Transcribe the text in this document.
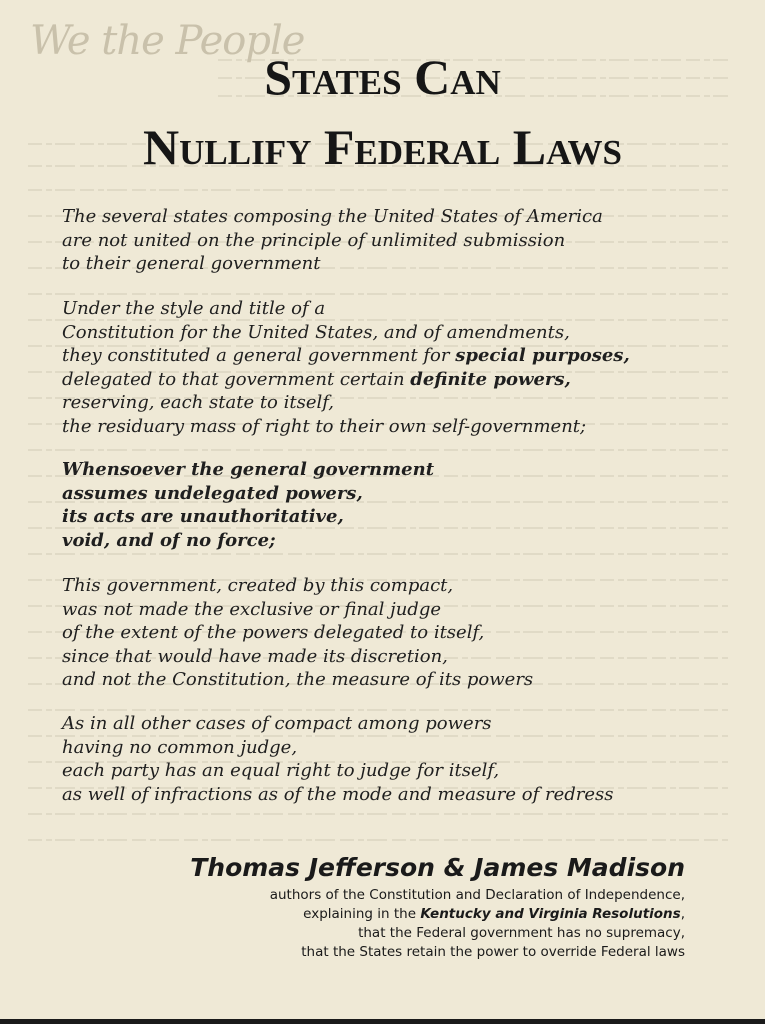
We the People
States Can
Nullify Federal Laws
The several states composing the United States of America
are not united on the principle of unlimited submission
to their general government
Under the style and title of a
Constitution for the United States, and of amendments,
they constituted a general government for special purposes,
delegated to that government certain definite powers,
reserving, each state to itself,
the residuary mass of right to their own self-government;
Whensoever the general government
assumes undelegated powers,
its acts are unauthoritative,
void, and of no force;
This government, created by this compact,
was not made the exclusive or final judge
of the extent of the powers delegated to itself,
since that would have made its discretion,
and not the Constitution, the measure of its powers
As in all other cases of compact among powers
having no common judge,
each party has an equal right to judge for itself,
as well of infractions as of the mode and measure of redress
Thomas Jefferson & James Madison
authors of the Constitution and Declaration of Independence,
explaining in the Kentucky and Virginia Resolutions,
that the Federal government has no supremacy,
that the States retain the power to override Federal laws
